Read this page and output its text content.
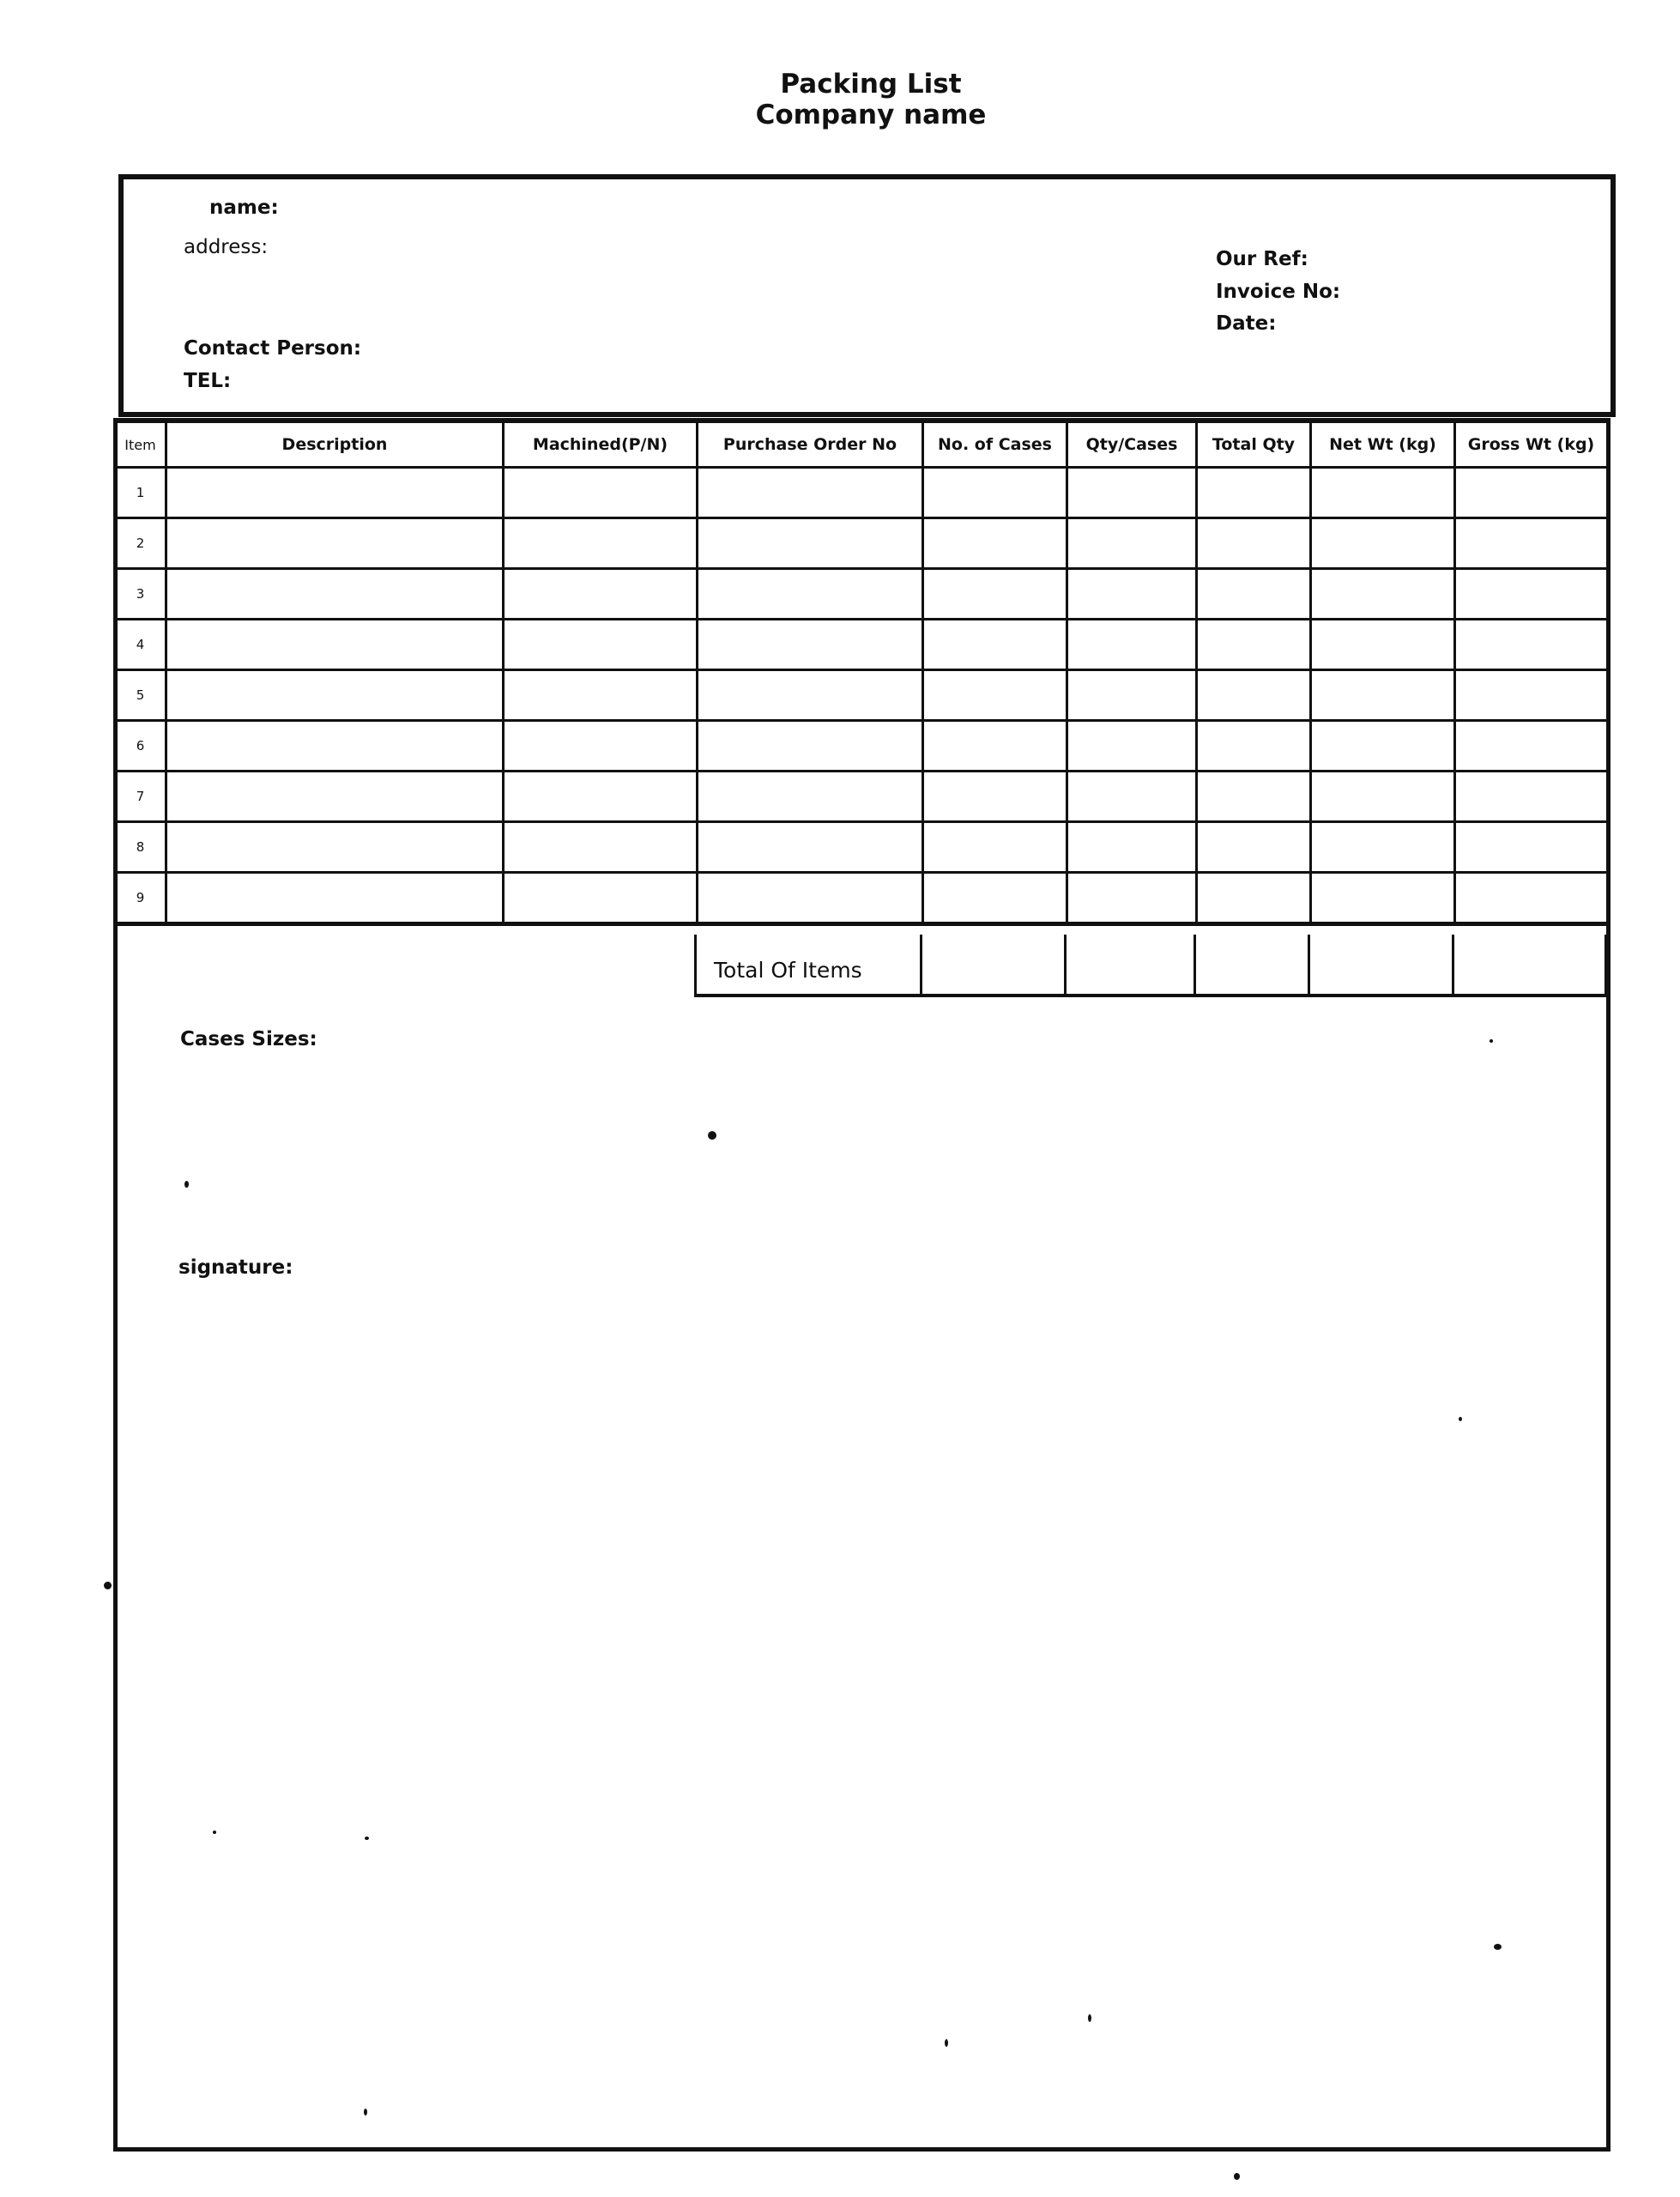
Packing List
Company name
name:
address:
Contact Person:
TEL:
Our Ref:
Invoice No:
Date:
Item	Description	Machined(P/N)	Purchase Order No	No. of Cases	Qty/Cases	Total Qty	Net Wt (kg)	Gross Wt (kg)
1								
2								
3								
4								
5								
6								
7								
8								
9								
Total Of Items					
Cases Sizes:
signature:
